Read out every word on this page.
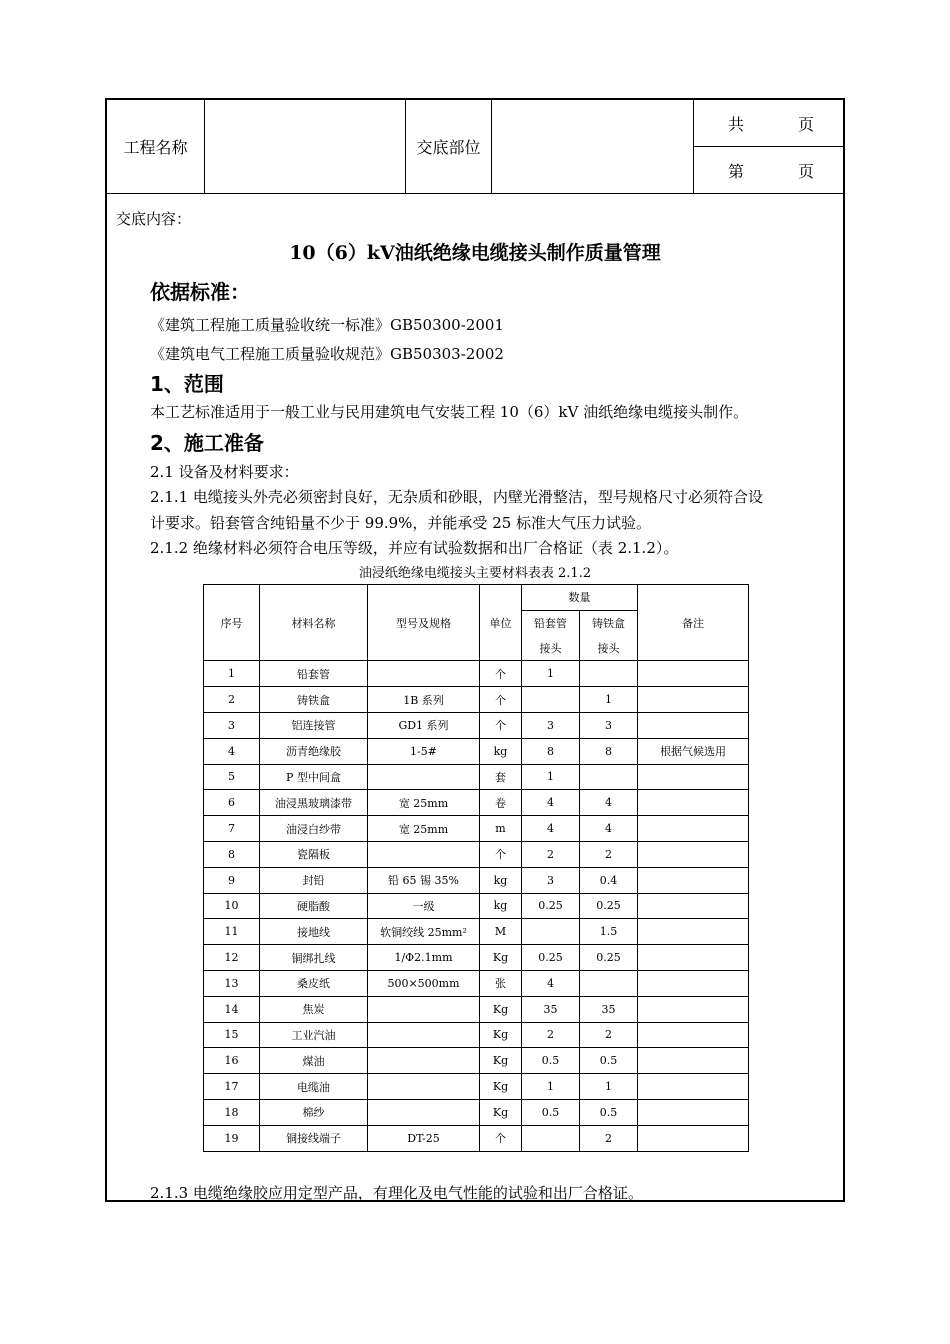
工程名称	交底部位
共	页
第	页
交底内容：
10（6）kV油纸绝缘电缆接头制作质量管理
依据标准：
《建筑工程施工质量验收统一标准》GB50300-2001
《建筑电气工程施工质量验收规范》GB50303-2002
1、范围
本工艺标准适用于一般工业与民用建筑电气安装工程 10（6）kV 油纸绝缘电缆接头制作。
2、施工准备
2.1 设备及材料要求：
2.1.1 电缆接头外壳必须密封良好，无杂质和砂眼，内壁光滑整洁，型号规格尺寸必须符合设
计要求。铅套管含纯铅量不少于 99.9%，并能承受 25 标准大气压力试验。
2.1.2 绝缘材料必须符合电压等级，并应有试验数据和出厂合格证（表 2.1.2）。
油浸纸绝缘电缆接头主要材料表表 2.1.2
序号	材料名称	型号及规格	单位	数量		备注
				铅套管	铸铁盒	
				接头	接头	
1	铅套管		个	1		
2	铸铁盒	1B 系列	个		1	
3	铝连接管	GD1 系列	个	3	3	
4	沥青绝缘胶	1-5#	kg	8	8	根据气候选用
5	P 型中间盒		套	1		
6	油浸黑玻璃漆带	宽 25mm	卷	4	4	
7	油浸白纱带	宽 25mm	m	4	4	
8	瓷隔板		个	2	2	
9	封铅	铅 65 锡 35%	kg	3	0.4	
10	硬脂酸	一级	kg	0.25	0.25	
11	接地线	软铜绞线 25mm²	M		1.5	
12	铜绑扎线	1/Φ2.1mm	Kg	0.25	0.25	
13	桑皮纸	500×500mm	张	4		
14	焦炭		Kg	35	35	
15	工业汽油		Kg	2	2	
16	煤油		Kg	0.5	0.5	
17	电缆油		Kg	1	1	
18	棉纱		Kg	0.5	0.5	
19	铜接线端子	DT-25	个		2	
2.1.3 电缆绝缘胶应用定型产品，有理化及电气性能的试验和出厂合格证。
